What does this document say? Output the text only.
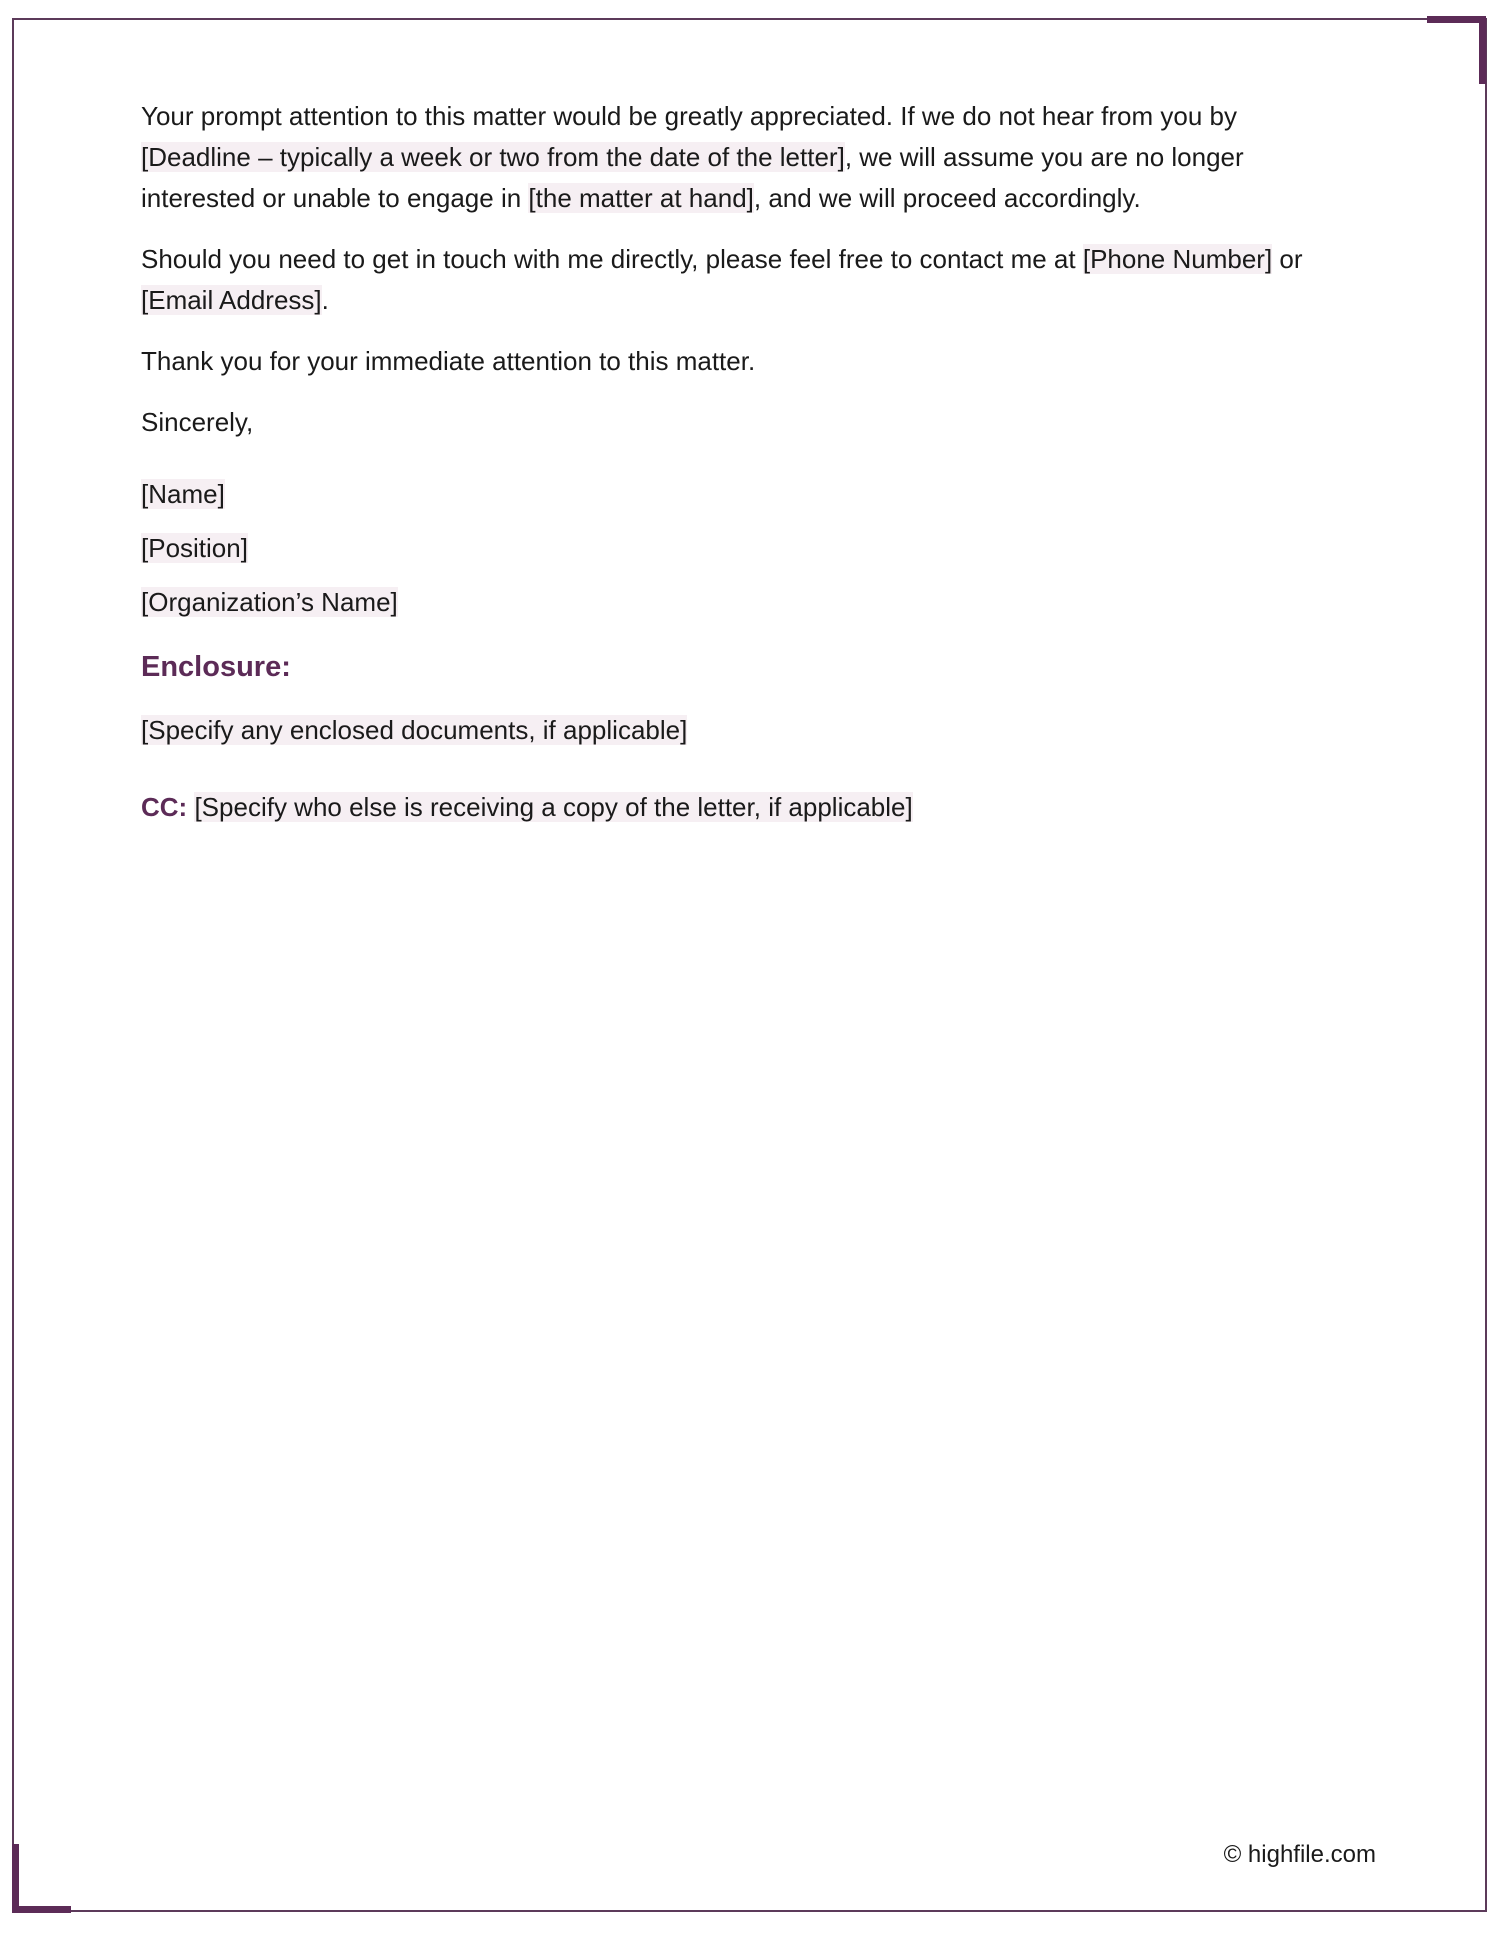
Your prompt attention to this matter would be greatly appreciated. If we do not hear from you by [Deadline – typically a week or two from the date of the letter], we will assume you are no longer interested or unable to engage in [the matter at hand], and we will proceed accordingly.

Should you need to get in touch with me directly, please feel free to contact me at [Phone Number] or [Email Address].

Thank you for your immediate attention to this matter.

Sincerely,

[Name]

[Position]

[Organization’s Name]

Enclosure:

[Specify any enclosed documents, if applicable]

CC: [Specify who else is receiving a copy of the letter, if applicable]

© highfile.com
